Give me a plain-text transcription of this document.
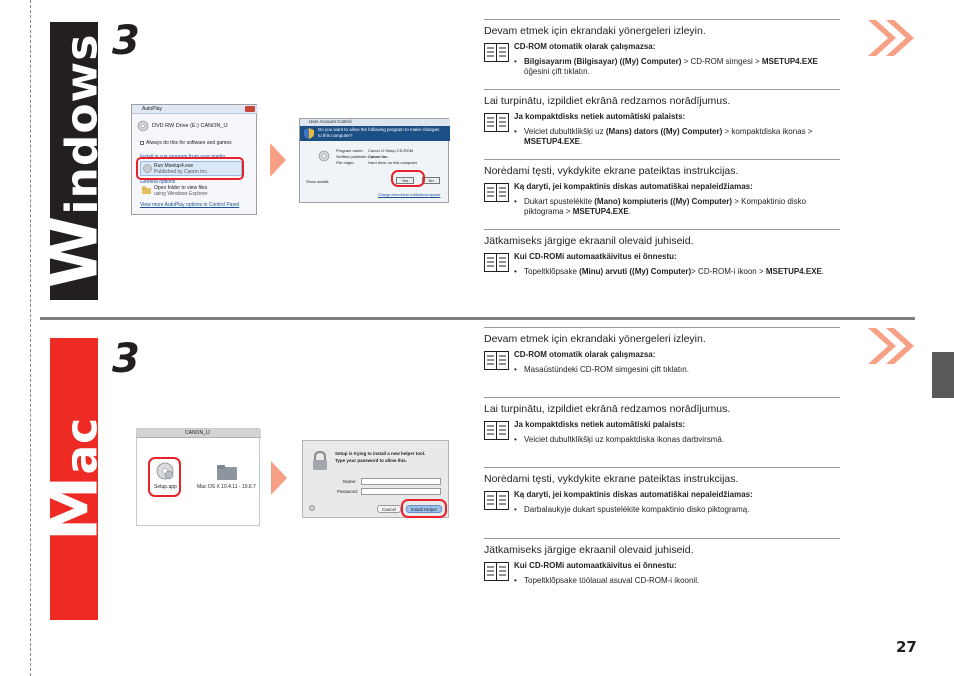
Windows 3
AutoPlay
DVD RW Drive (E:) CANON_IJ
Always do this for software and games
Install or run program from your media
Run Msetup4.exe
Published by Canon Inc.
General options
Open folder to view files
using Windows Explorer
View more AutoPlay options in Control Panel
User Account Control
Do you want to allow the following program to make changes to this computer?
Program name: Canon IJ Setup CD-ROM
Verified publisher: Canon Inc.
File origin:	Hard drive on this computer
Show details	Yes	No
Change when these notifications appear
Devam etmek için ekrandaki yönergeleri izleyin.
CD-ROM otomatik olarak çalışmazsa:
• Bilgisayarım (Bilgisayar) ((My) Computer) > CD-ROM simgesi > MSETUP4.EXE öğesini çift tıklatın.
Lai turpinātu, izpildiet ekrānā redzamos norādījumus.
Ja kompaktdisks netiek automātiski palaists:
• Veiciet dubultklikšķi uz (Mans) dators ((My) Computer) > kompaktdiska ikonas > MSETUP4.EXE.
Norėdami tęsti, vykdykite ekrane pateiktas instrukcijas.
Ką daryti, jei kompaktinis diskas automatiškai nepaleidžiamas:
• Dukart spustelėkite (Mano) kompiuteris ((My) Computer) > Kompaktinio disko piktograma > MSETUP4.EXE.
Jätkamiseks järgige ekraanil olevaid juhiseid.
Kui CD-ROMi automaatkäivitus ei õnnestu:
• Topeltklõpsake (Minu) arvuti ((My) Computer)> CD-ROM-i ikoon > MSETUP4.EXE.
Mac
3
CANON_IJ
Setup.app	Mac OS X 10.4.11 - 10.6.7
Setup is trying to install a new helper tool.
Type your password to allow this.
Name:
Password:
Cancel	Install Helper
Devam etmek için ekrandaki yönergeleri izleyin.
CD-ROM otomatik olarak çalışmazsa:
• Masaüstündeki CD-ROM simgesini çift tıklatın.
Lai turpinātu, izpildiet ekrānā redzamos norādījumus.
Ja kompaktdisks netiek automātiski palaists:
• Veiciet dubultklikšķi uz kompaktdiska ikonas darbvirsmā.
Norėdami tęsti, vykdykite ekrane pateiktas instrukcijas.
Ką daryti, jei kompaktinis diskas automatiškai nepaleidžiamas:
• Darbalaukyje dukart spustelėkite kompaktinio disko piktogramą.
Jätkamiseks järgige ekraanil olevaid juhiseid.
Kui CD-ROMi automaatkäivitus ei õnnestu:
• Topeltklõpsake töölaual asuval CD-ROM-i ikoonil.
27
